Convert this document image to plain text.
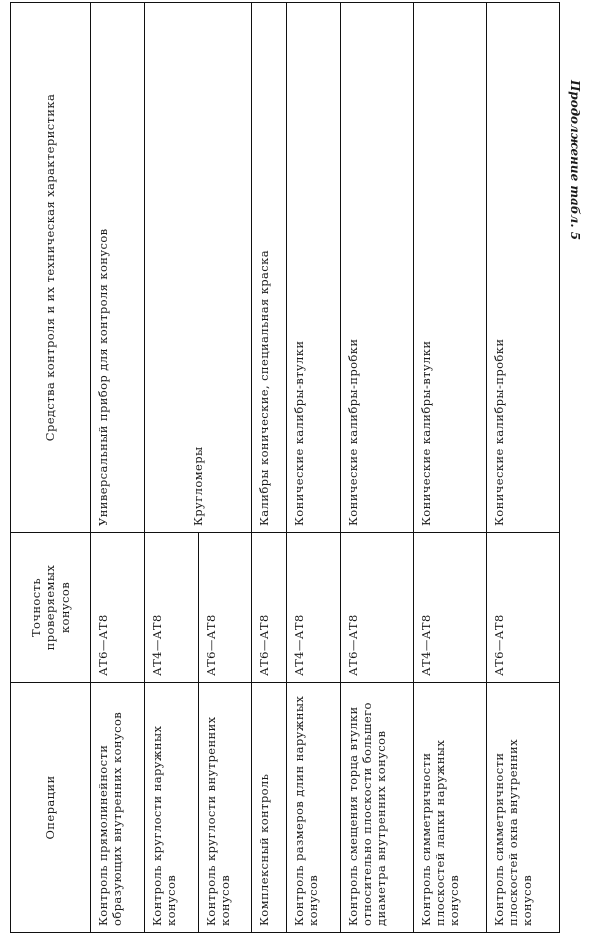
Продолжение табл. 5
Операции	Точность проверяемых конусов	Средства контроля и их техническая характеристика
Контроль прямолинейности образующих внутренних конусов	АТ6—АТ8	Универсальный прибор для контроля конусов
Контроль круглости наружных конусов	АТ4—АТ8	Кругломеры
Контроль круглости внутренних конусов	АТ6—АТ8	
Комплексный контроль	АТ6—АТ8	Калибры конические, специальная краска
Контроль размеров длин наружных конусов	АТ4—АТ8	Конические калибры-втулки
Контроль смещения торца втулки относительно плоскости большего диаметра внутренних конусов	АТ6—АТ8	Конические калибры-пробки
Контроль симметричности плоскостей лапки наружных конусов	АТ4—АТ8	Конические калибры-втулки
Контроль симметричности плоскостей окна внутренних конусов	АТ6—АТ8	Конические калибры-пробки
